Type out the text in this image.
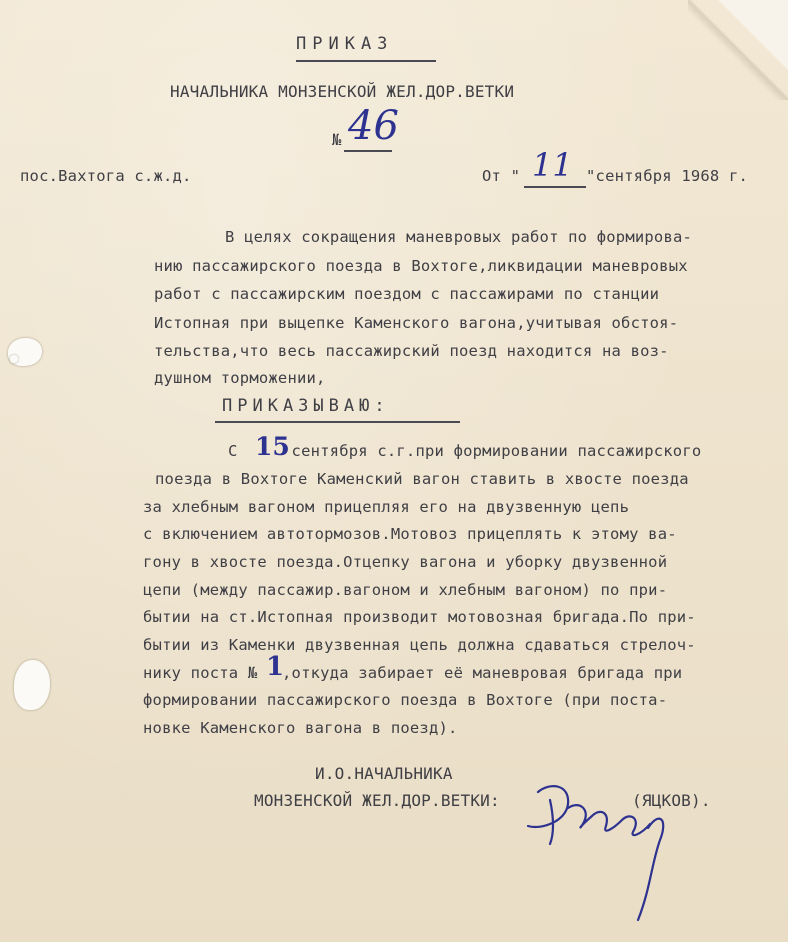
ПРИКАЗ
НАЧАЛЬНИКА МОНЗЕНСКОЙ ЖЕЛ.ДОР.ВЕТКИ
№ 46
пос.Вахтога с.ж.д.	От " 11 "сентября 1968 г.
В целях сокращения маневровых работ по формирова-
нию пассажирского поезда в Вохтоге,ликвидации маневровых
работ с пассажирским поездом с пассажирами по станции
Истопная при выцепке Каменского вагона,учитывая обстоя-
тельства,что весь пассажирский поезд находится на воз-
душном торможении,
ПРИКАЗЫВАЮ:
С 15
сентября с.г.при формировании пассажирского
поезда в Вохтоге Каменский вагон ставить в хвосте поезда
за хлебным вагоном прицепляя его на двузвенную цепь
с включением автотормозов.Мотовоз прицеплять к этому ва-
гону в хвосте поезда.Отцепку вагона и уборку двузвенной
цепи (между пассажир.вагоном и хлебным вагоном) по при-
бытии на ст.Истопная производит мотовозная бригада.По при-
бытии из Каменки двузвенная цепь должна сдаваться стрелоч-
нику поста № 1
,откуда забирает её маневровая бригада при
формировании пассажирского поезда в Вохтоге (при поста-
новке Каменского вагона в поезд).
И.О.НАЧАЛЬНИКА
МОНЗЕНСКОЙ ЖЕЛ.ДОР.ВЕТКИ:	(ЯЦКОВ).
